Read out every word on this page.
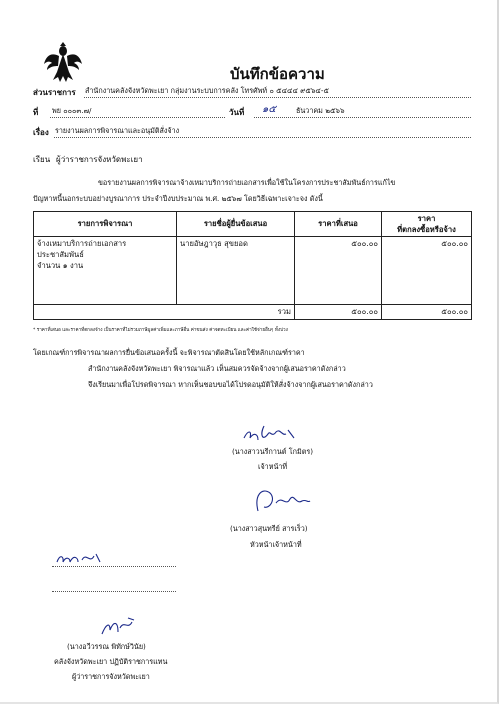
บันทึกข้อความ
ส่วนราชการ สำนักงานคลังจังหวัดพะเยา กลุ่มงานระบบการคลัง โทรศัพท์ ๐ ๕๔๔๔ ๙๕๖๔-๕
ที่ พย ๐๐๐๓.๗/	วันที่ ๑๕	ธันวาคม ๒๕๖๖
เรื่อง รายงานผลการพิจารณาและอนุมัติสั่งจ้าง
เรียน ผู้ว่าราชการจังหวัดพะเยา
ขอรายงานผลการพิจารณาจ้างเหมาบริการถ่ายเอกสารเพื่อใช้ในโครงการประชาสัมพันธ์การแก้ไข
ปัญหาหนี้นอกระบบอย่างบูรณาการ ประจำปีงบประมาณ พ.ศ. ๒๕๖๗ โดยวิธีเฉพาะเจาะจง ดังนี้
รายการพิจารณา	รายชื่อผู้ยื่นข้อเสนอ	ราคาที่เสนอ	ราคา
ที่ตกลงซื้อหรือจ้าง

จ้างเหมาบริการถ่ายเอกสาร
ประชาสัมพันธ์
จำนวน ๑ งาน	นายอัษฎาวุธ สุขยอด	๕๐๐.๐๐	๕๐๐.๐๐
รวม		๕๐๐.๐๐	๕๐๐.๐๐
* ราคาที่เสนอ และราคาที่ตกลงจ้าง เป็นราคาที่ไม่รวมภาษีมูลค่าเพิ่มและภาษีอื่น ค่าขนส่ง ค่าจดทะเบียน และค่าใช้จ่ายอื่นๆ ทั้งปวง
โดยเกณฑ์การพิจารณาผลการยื่นข้อเสนอครั้งนี้ จะพิจารณาตัดสินโดยใช้หลักเกณฑ์ราคา
สำนักงานคลังจังหวัดพะเยา พิจารณาแล้ว เห็นสมควรจัดจ้างจากผู้เสนอราคาดังกล่าว
จึงเรียนมาเพื่อโปรดพิจารณา หากเห็นชอบขอได้โปรดอนุมัติให้สั่งจ้างจากผู้เสนอราคาดังกล่าว
(นางสาวนรีกานต์ โกมิตร)
เจ้าหน้าที่
(นางสาวสุนทรีย์ สารเร็ว)
หัวหน้าเจ้าหน้าที่
(นางอวีวรรณ พิทักษ์วินัย)
คลังจังหวัดพะเยา ปฏิบัติราชการแทน
ผู้ว่าราชการจังหวัดพะเยา
